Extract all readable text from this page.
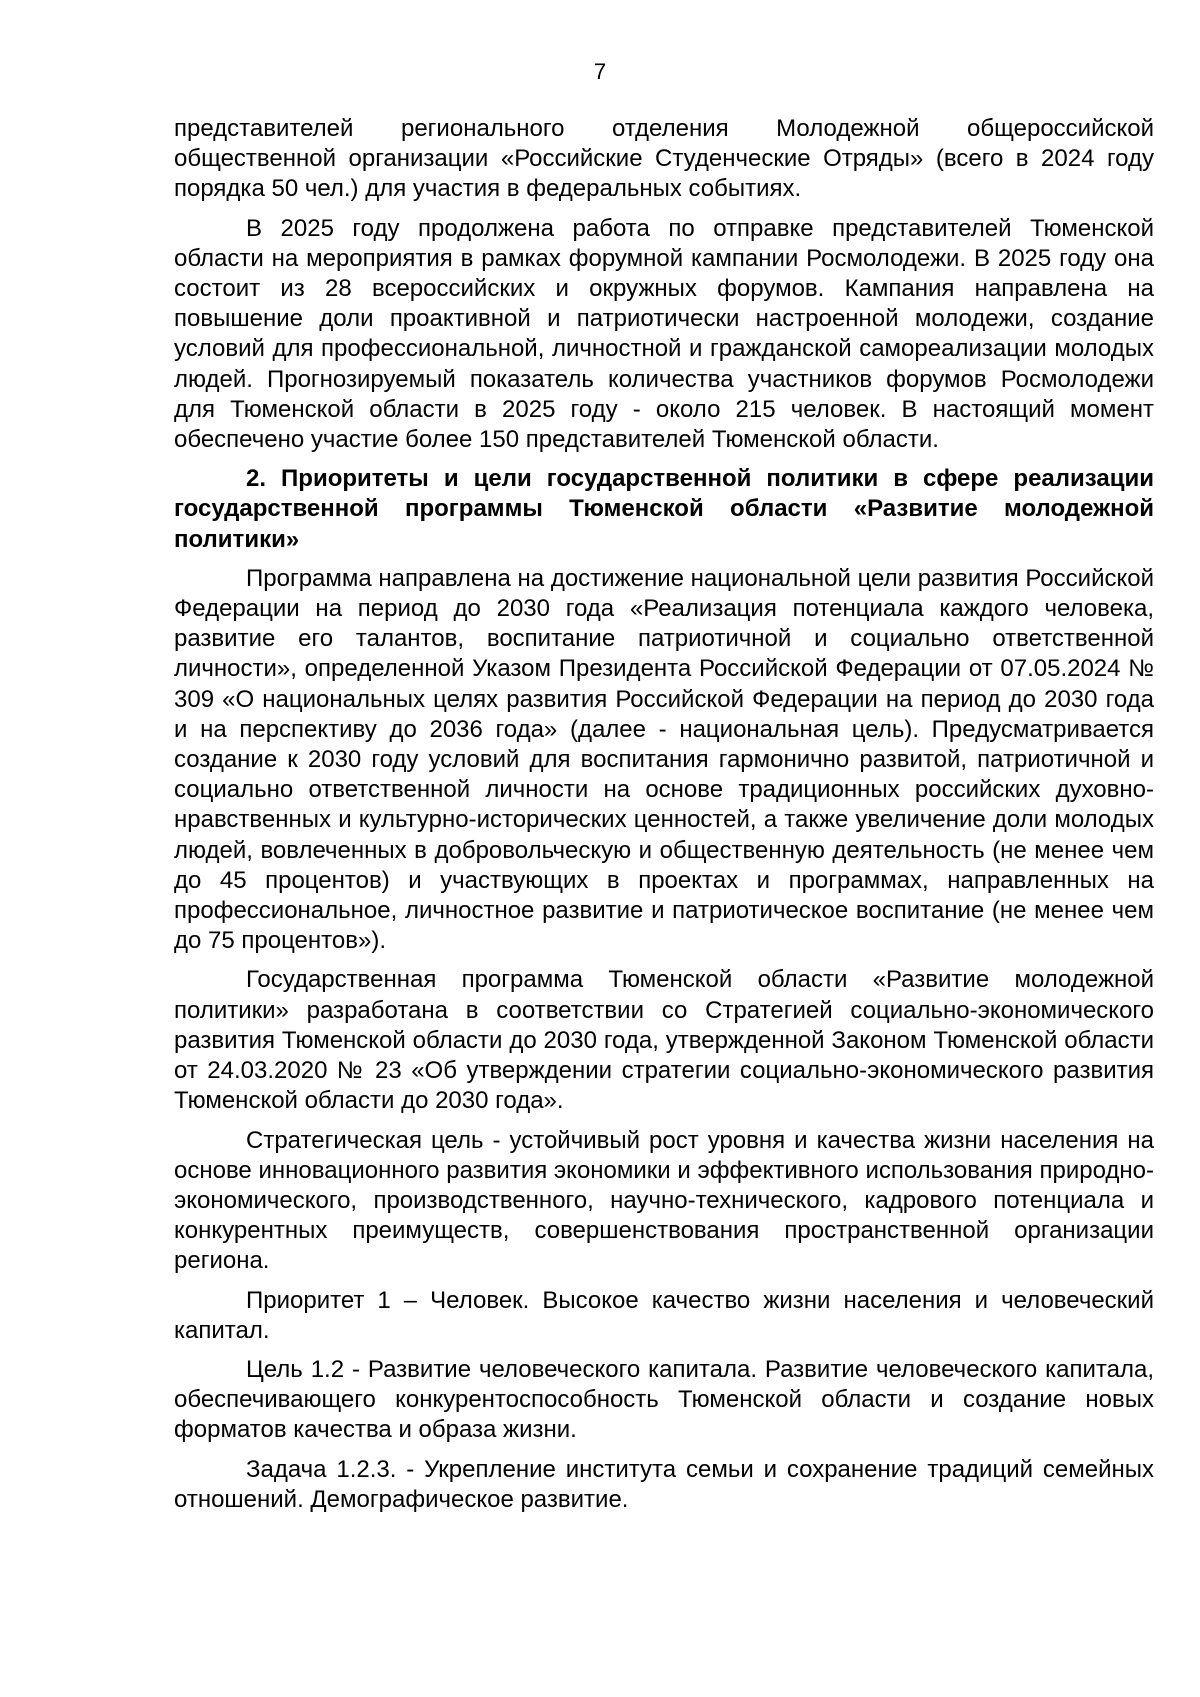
7

представителей регионального отделения Молодежной общероссийской общественной организации «Российские Студенческие Отряды» (всего в 2024 году порядка 50 чел.) для участия в федеральных событиях.

В 2025 году продолжена работа по отправке представителей Тюменской области на мероприятия в рамках форумной кампании Росмолодежи. В 2025 году она состоит из 28 всероссийских и окружных форумов. Кампания направлена на повышение доли проактивной и патриотически настроенной молодежи, создание условий для профессиональной, личностной и гражданской самореализации молодых людей. Прогнозируемый показатель количества участников форумов Росмолодежи для Тюменской области в 2025 году - около 215 человек. В настоящий момент обеспечено участие более 150 представителей Тюменской области.

2. Приоритеты и цели государственной политики в сфере реализации государственной программы Тюменской области «Развитие молодежной политики»

Программа направлена на достижение национальной цели развития Российской Федерации на период до 2030 года «Реализация потенциала каждого человека, развитие его талантов, воспитание патриотичной и социально ответственной личности», определенной Указом Президента Российской Федерации от 07.05.2024 № 309 «О национальных целях развития Российской Федерации на период до 2030 года и на перспективу до 2036 года» (далее - национальная цель). Предусматривается создание к 2030 году условий для воспитания гармонично развитой, патриотичной и социально ответственной личности на основе традиционных российских духовно-нравственных и культурно-исторических ценностей, а также увеличение доли молодых людей, вовлеченных в добровольческую и общественную деятельность (не менее чем до 45 процентов) и участвующих в проектах и программах, направленных на профессиональное, личностное развитие и патриотическое воспитание (не менее чем до 75 процентов»).

Государственная программа Тюменской области «Развитие молодежной политики» разработана в соответствии со Стратегией социально-экономического развития Тюменской области до 2030 года, утвержденной Законом Тюменской области от 24.03.2020 № 23 «Об утверждении стратегии социально-экономического развития Тюменской области до 2030 года».

Стратегическая цель - устойчивый рост уровня и качества жизни населения на основе инновационного развития экономики и эффективного использования природно-экономического, производственного, научно-технического, кадрового потенциала и конкурентных преимуществ, совершенствования пространственной организации региона.

Приоритет 1 – Человек. Высокое качество жизни населения и человеческий капитал.

Цель 1.2 - Развитие человеческого капитала. Развитие человеческого капитала, обеспечивающего конкурентоспособность Тюменской области и создание новых форматов качества и образа жизни.

Задача 1.2.3. - Укрепление института семьи и сохранение традиций семейных отношений. Демографическое развитие.
